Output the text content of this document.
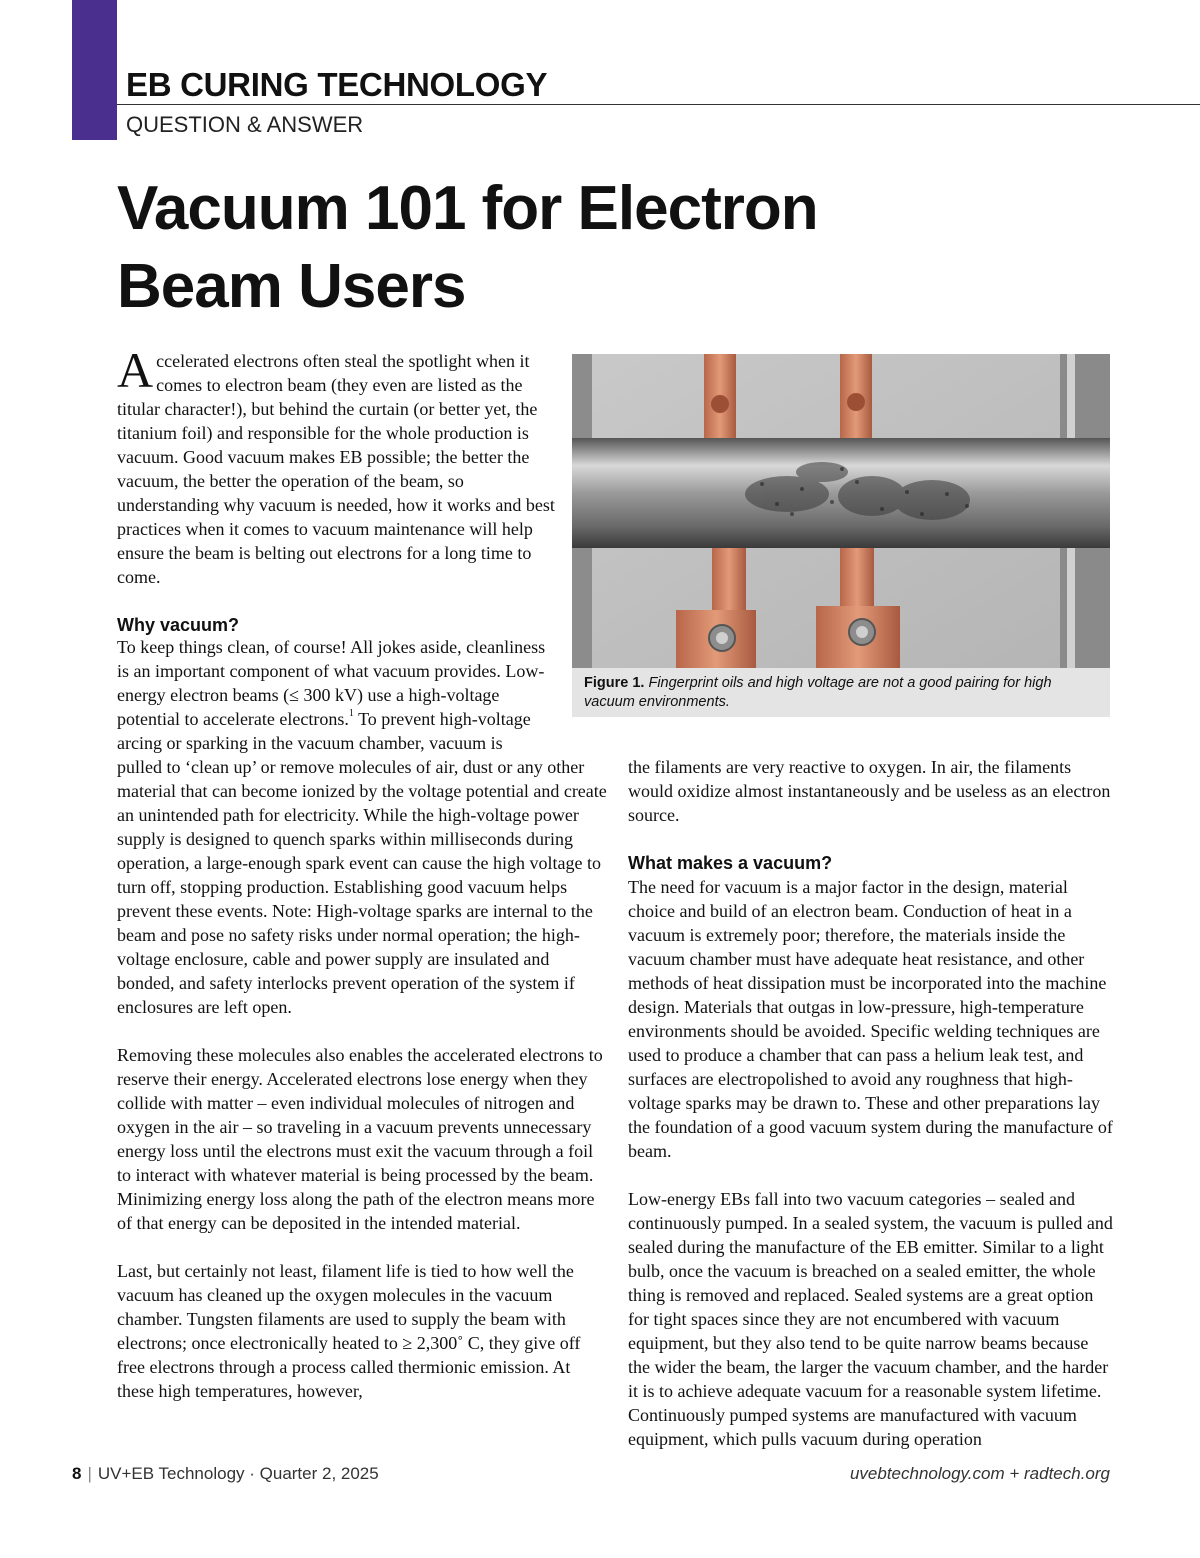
EB CURING TECHNOLOGY
QUESTION & ANSWER
Vacuum 101 for Electron Beam Users

Accelerated electrons often steal the spotlight when it comes to electron beam (they even are listed as the titular character!), but behind the curtain (or better yet, the titanium foil) and responsible for the whole production is vacuum. Good vacuum makes EB possible; the better the vacuum, the better the operation of the beam, so understanding why vacuum is needed, how it works and best practices when it comes to vacuum maintenance will help ensure the beam is belting out electrons for a long time to come.

Why vacuum?

To keep things clean, of course! All jokes aside, cleanliness is an important component of what vacuum provides. Low-energy electron beams (≤ 300 kV) use a high-voltage potential to accelerate electrons.$^1$ To prevent high-voltage arcing or sparking in the vacuum chamber, vacuum is pulled to ‘clean up’ or remove molecules of air, dust or any other material that can become ionized by the voltage potential and create an unintended path for electricity. While the high-voltage power supply is designed to quench sparks within milliseconds during operation, a large-enough spark event can cause the high voltage to turn off, stopping production. Establishing good vacuum helps prevent these events. Note: High-voltage sparks are internal to the beam and pose no safety risks under normal operation; the high-voltage enclosure, cable and power supply are insulated and bonded, and safety interlocks prevent operation of the system if enclosures are left open.

Removing these molecules also enables the accelerated electrons to reserve their energy. Accelerated electrons lose energy when they collide with matter – even individual molecules of nitrogen and oxygen in the air – so traveling in a vacuum prevents unnecessary energy loss until the electrons must exit the vacuum through a foil to interact with whatever material is being processed by the beam. Minimizing energy loss along the path of the electron means more of that energy can be deposited in the intended material.

Last, but certainly not least, filament life is tied to how well the vacuum has cleaned up the oxygen molecules in the vacuum chamber. Tungsten filaments are used to supply the beam with electrons; once electronically heated to ≥ 2,300˚ C, they give off free electrons through a process called thermionic emission. At these high temperatures, however,

Figure 1. Fingerprint oils and high voltage are not a good pairing for high vacuum environments.

the filaments are very reactive to oxygen. In air, the filaments would oxidize almost instantaneously and be useless as an electron source.

What makes a vacuum?

The need for vacuum is a major factor in the design, material choice and build of an electron beam. Conduction of heat in a vacuum is extremely poor; therefore, the materials inside the vacuum chamber must have adequate heat resistance, and other methods of heat dissipation must be incorporated into the machine design. Materials that outgas in low-pressure, high-temperature environments should be avoided. Specific welding techniques are used to produce a chamber that can pass a helium leak test, and surfaces are electropolished to avoid any roughness that high-voltage sparks may be drawn to. These and other preparations lay the foundation of a good vacuum system during the manufacture of beam.

Low-energy EBs fall into two vacuum categories – sealed and continuously pumped. In a sealed system, the vacuum is pulled and sealed during the manufacture of the EB emitter. Similar to a light bulb, once the vacuum is breached on a sealed emitter, the whole thing is removed and replaced. Sealed systems are a great option for tight spaces since they are not encumbered with vacuum equipment, but they also tend to be quite narrow beams because the wider the beam, the larger the vacuum chamber, and the harder it is to achieve adequate vacuum for a reasonable system lifetime. Continuously pumped systems are manufactured with vacuum equipment, which pulls vacuum during operation

8 | UV+EB Technology · Quarter 2, 2025	uvebtechnology.com + radtech.org
